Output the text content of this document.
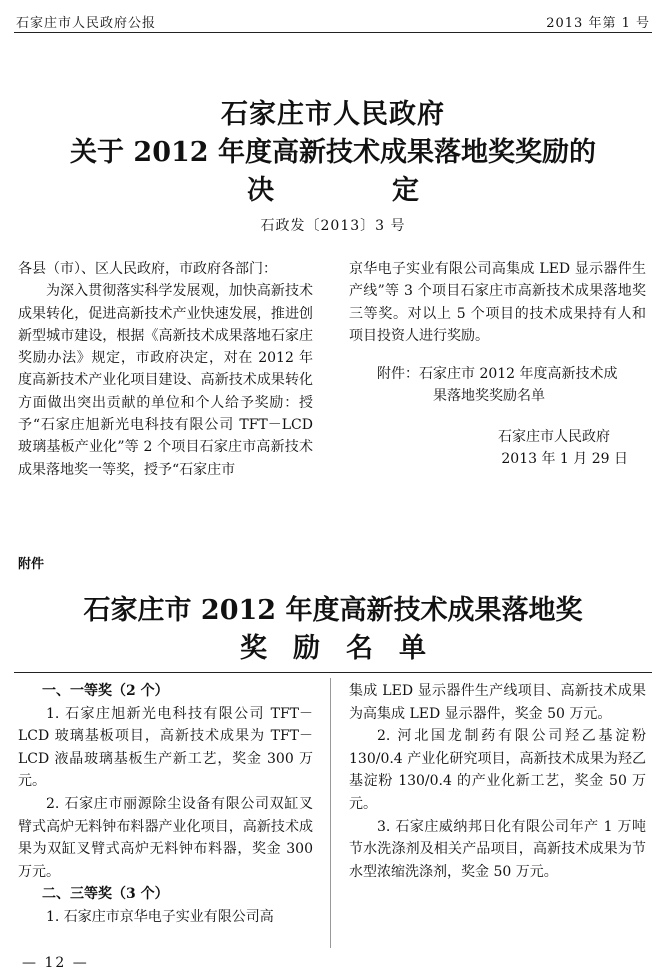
石家庄市人民政府公报	2013 年第 1 号
石家庄市人民政府
关于 2012 年度高新技术成果落地奖奖励的
决定
石政发〔2013〕3 号

各县（市）、区人民政府，市政府各部门：

为深入贯彻落实科学发展观，加快高新技术成果转化，促进高新技术产业快速发展，推进创新型城市建设，根据《高新技术成果落地石家庄奖励办法》规定，市政府决定，对在 2012 年度高新技术产业化项目建设、高新技术成果转化方面做出突出贡献的单位和个人给予奖励：授予“石家庄旭新光电科技有限公司 TFT－LCD 玻璃基板产业化”等 2 个项目石家庄市高新技术成果落地奖一等奖，授予“石家庄市

京华电子实业有限公司高集成 LED 显示器件生产线”等 3 个项目石家庄市高新技术成果落地奖三等奖。对以上 5 个项目的技术成果持有人和项目投资人进行奖励。

附件：石家庄市 2012 年度高新技术成
果落地奖奖励名单

石家庄市人民政府

2013 年 1 月 29 日

附件
石家庄市 2012 年度高新技术成果落地奖
奖励名单

一、一等奖（2 个）

1. 石家庄旭新光电科技有限公司 TFT－LCD 玻璃基板项目，高新技术成果为 TFT－LCD 液晶玻璃基板生产新工艺，奖金 300 万元。

2. 石家庄市丽源除尘设备有限公司双缸叉臂式高炉无料钟布料器产业化项目，高新技术成果为双缸叉臂式高炉无料钟布料器，奖金 300 万元。

二、三等奖（3 个）

1. 石家庄市京华电子实业有限公司高

集成 LED 显示器件生产线项目、高新技术成果为高集成 LED 显示器件，奖金 50 万元。

2. 河北国龙制药有限公司羟乙基淀粉 130/0.4 产业化研究项目，高新技术成果为羟乙基淀粉 130/0.4 的产业化新工艺，奖金 50 万元。

3. 石家庄威纳邦日化有限公司年产 1 万吨节水洗涤剂及相关产品项目，高新技术成果为节水型浓缩洗涤剂，奖金 50 万元。

— 12 —
